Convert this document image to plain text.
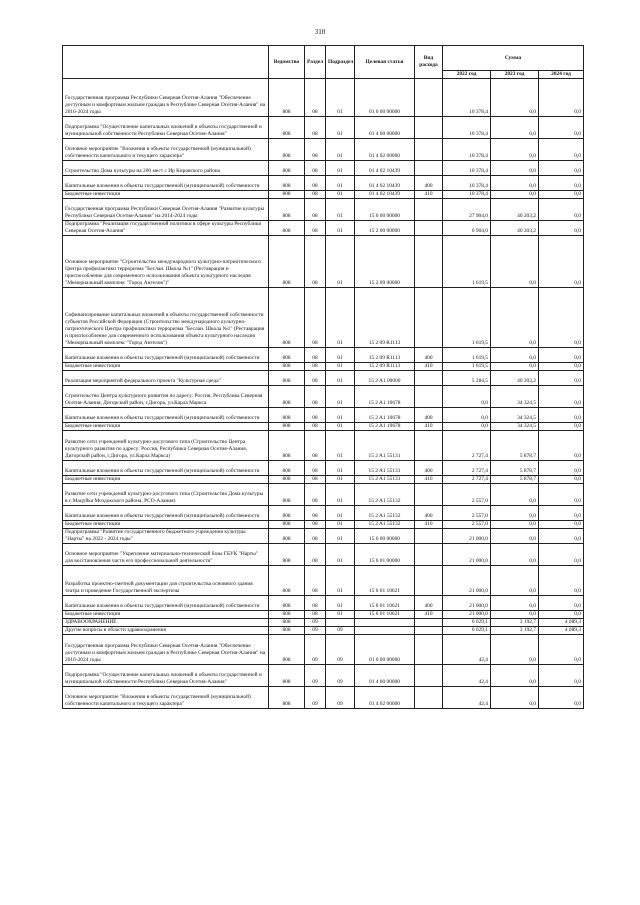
310
	Ведомство	Раздел	Подраздел	Целевая статья	Вид расхода	Сумма		
						2022 год	2023 год	2024 год
Государственная программа Республики Северная Осетия-Алания "Обеспечение доступным и комфортным жильем граждан в Республике Северная Осетия-Алания" на 2016-2024 годы	808	08	01	01 0 00 00000		10 378,4	0,0	0,0
Подпрограмма "Осуществление капитальных вложений в объекты государственной и муниципальной собственности Республики Северная Осетия-Алания"	808	08	01	01 4 00 00000		10 378,4	0,0	0,0
Основное мероприятие "Вложения в объекты государственной (муниципальной) собственности капитального и текущего характера"	808	08	01	01 4 02 00000		10 378,4	0,0	0,0
Строительство Дома культуры на 200 мест с Ир Кировского района	808	08	01	01 4 02 10439		10 378,4	0,0	0,0
Капитальные вложения в объекты государственной (муниципальной) собственности	808	08	01	01 4 02 10439	400	10 378,4	0,0	0,0
Бюджетные инвестиции	808	08	01	01 4 02 10439	410	10 378,4	0,0	0,0
Государственная программа Республики Северная Осетия-Алания "Развитие культуры Республики Северная Осетия-Алания" на 2014-2024 годы	808	08	01	15 0 00 00000		27 904,0	40 203,2	0,0
Подпрограмма "Реализация государственной политики в сфере культуры Республики Северная Осетия-Алания"	808	08	01	15 2 00 00000		6 904,0	40 203,2	0,0
Основное мероприятие "Строительство международного культурно-патриотического Центра профилактики терроризма "Беслан. Школа №1" (Реставрация и приспособление для современного использования объекта культурного наследия "Мемориальный комплекс "Город Ангелов")"	808	08	01	15 2 09 00000		1 619,5	0,0	0,0
Софинансирование капитальных вложений в объекты государственной собственности субъектов Российской Федерации (Строительство международного культурно-патриотического Центра профилактики терроризма "Беслан. Школа №1" (Реставрация и приспособление для современного использования объекта культурного наследия "Мемориальный комплекс "Город Ангелов")	808	08	01	15 2 09 R1113		1 619,5	0,0	0,0
Капитальные вложения в объекты государственной (муниципальной) собственности	808	08	01	15 2 09 R1113	400	1 619,5	0,0	0,0
Бюджетные инвестиции	808	08	01	15 2 09 R1113	410	1 619,5	0,0	0,0
Реализация мероприятий федерального проекта "Культурная среда"	808	08	01	15 2 A1 00000		5 284,5	40 203,2	0,0
Строительство Центра культурного развития по адресу: Россия, Республика Северная Осетия-Алания, Дигорский район, г.Дигора, ул.Карла Маркса	808	08	01	15 2 A1 10678		0,0	34 324,5	0,0
Капитальные вложения в объекты государственной (муниципальной) собственности	808	08	01	15 2 A1 10678	400	0,0	34 324,5	0,0
Бюджетные инвестиции	808	08	01	15 2 A1 10678	410	0,0	34 324,5	0,0
Развитие сети учреждений культурно-досугового типа (Строительство Центра культурного развития по адресу: Россия, Республика Северная Осетия-Алания, Дигорский район, г.Дигора, ул.Карла Маркса)	808	08	01	15 2 A1 55131		2 727,4	5 878,7	0,0
Капитальные вложения в объекты государственной (муниципальной) собственности	808	08	01	15 2 A1 55131	400	2 727,4	5 878,7	0,0
Бюджетные инвестиции	808	08	01	15 2 A1 55131	410	2 727,4	5 878,7	0,0
Развитие сети учреждений культурно-досугового типа (Строительство Дома культуры в с.Мацуйка Моздокского района, РСО-Алания)	808	08	01	15 2 A1 55132		2 557,0	0,0	0,0
Капитальные вложения в объекты государственной (муниципальной) собственности	808	08	01	15 2 A1 55132	400	2 557,0	0,0	0,0
Бюджетные инвестиции	808	08	01	15 2 A1 55132	410	2 557,0	0,0	0,0
Подпрограмма "Развитие государственного бюджетного учреждения культуры "Нарты" на 2022 - 2024 годы"	808	08	01	15 6 00 00000		21 000,0	0,0	0,0
Основное мероприятие "Укрепление материально-технической базы ГБУК "Нарты" для восстановления части его профессиональной деятельности"	808	08	01	15 6 01 00000		21 000,0	0,0	0,0
Разработка проектно-сметной документации для строительства основного здания театра и проведение Государственной экспертизы	808	08	01	15 6 01 10621		21 000,0	0,0	0,0
Капитальные вложения в объекты государственной (муниципальной) собственности	808	08	01	15 6 01 10621	400	21 000,0	0,0	0,0
Бюджетные инвестиции	808	08	01	15 6 01 10621	410	21 000,0	0,0	0,0
ЗДРАВООХРАНЕНИЕ	808	09				6 029,1	3 192,7	4 089,3
Другие вопросы в области здравоохранения	808	09	09			6 029,1	3 192,7	4 089,3
Государственная программа Республики Северная Осетия-Алания "Обеспечение доступным и комфортным жильем граждан в Республике Северная Осетия-Алания" на 2016-2024 годы	808	09	09	01 0 00 00000		42,4	0,0	0,0
Подпрограмма "Осуществление капитальных вложений в объекты государственной и муниципальной собственности Республики Северная Осетия-Алания"	808	09	09	01 4 00 00000		42,4	0,0	0,0
Основное мероприятие "Вложения в объекты государственной (муниципальной) собственности капитального и текущего характера"	808	09	09	01 4 02 00000		42,4	0,0	0,0
